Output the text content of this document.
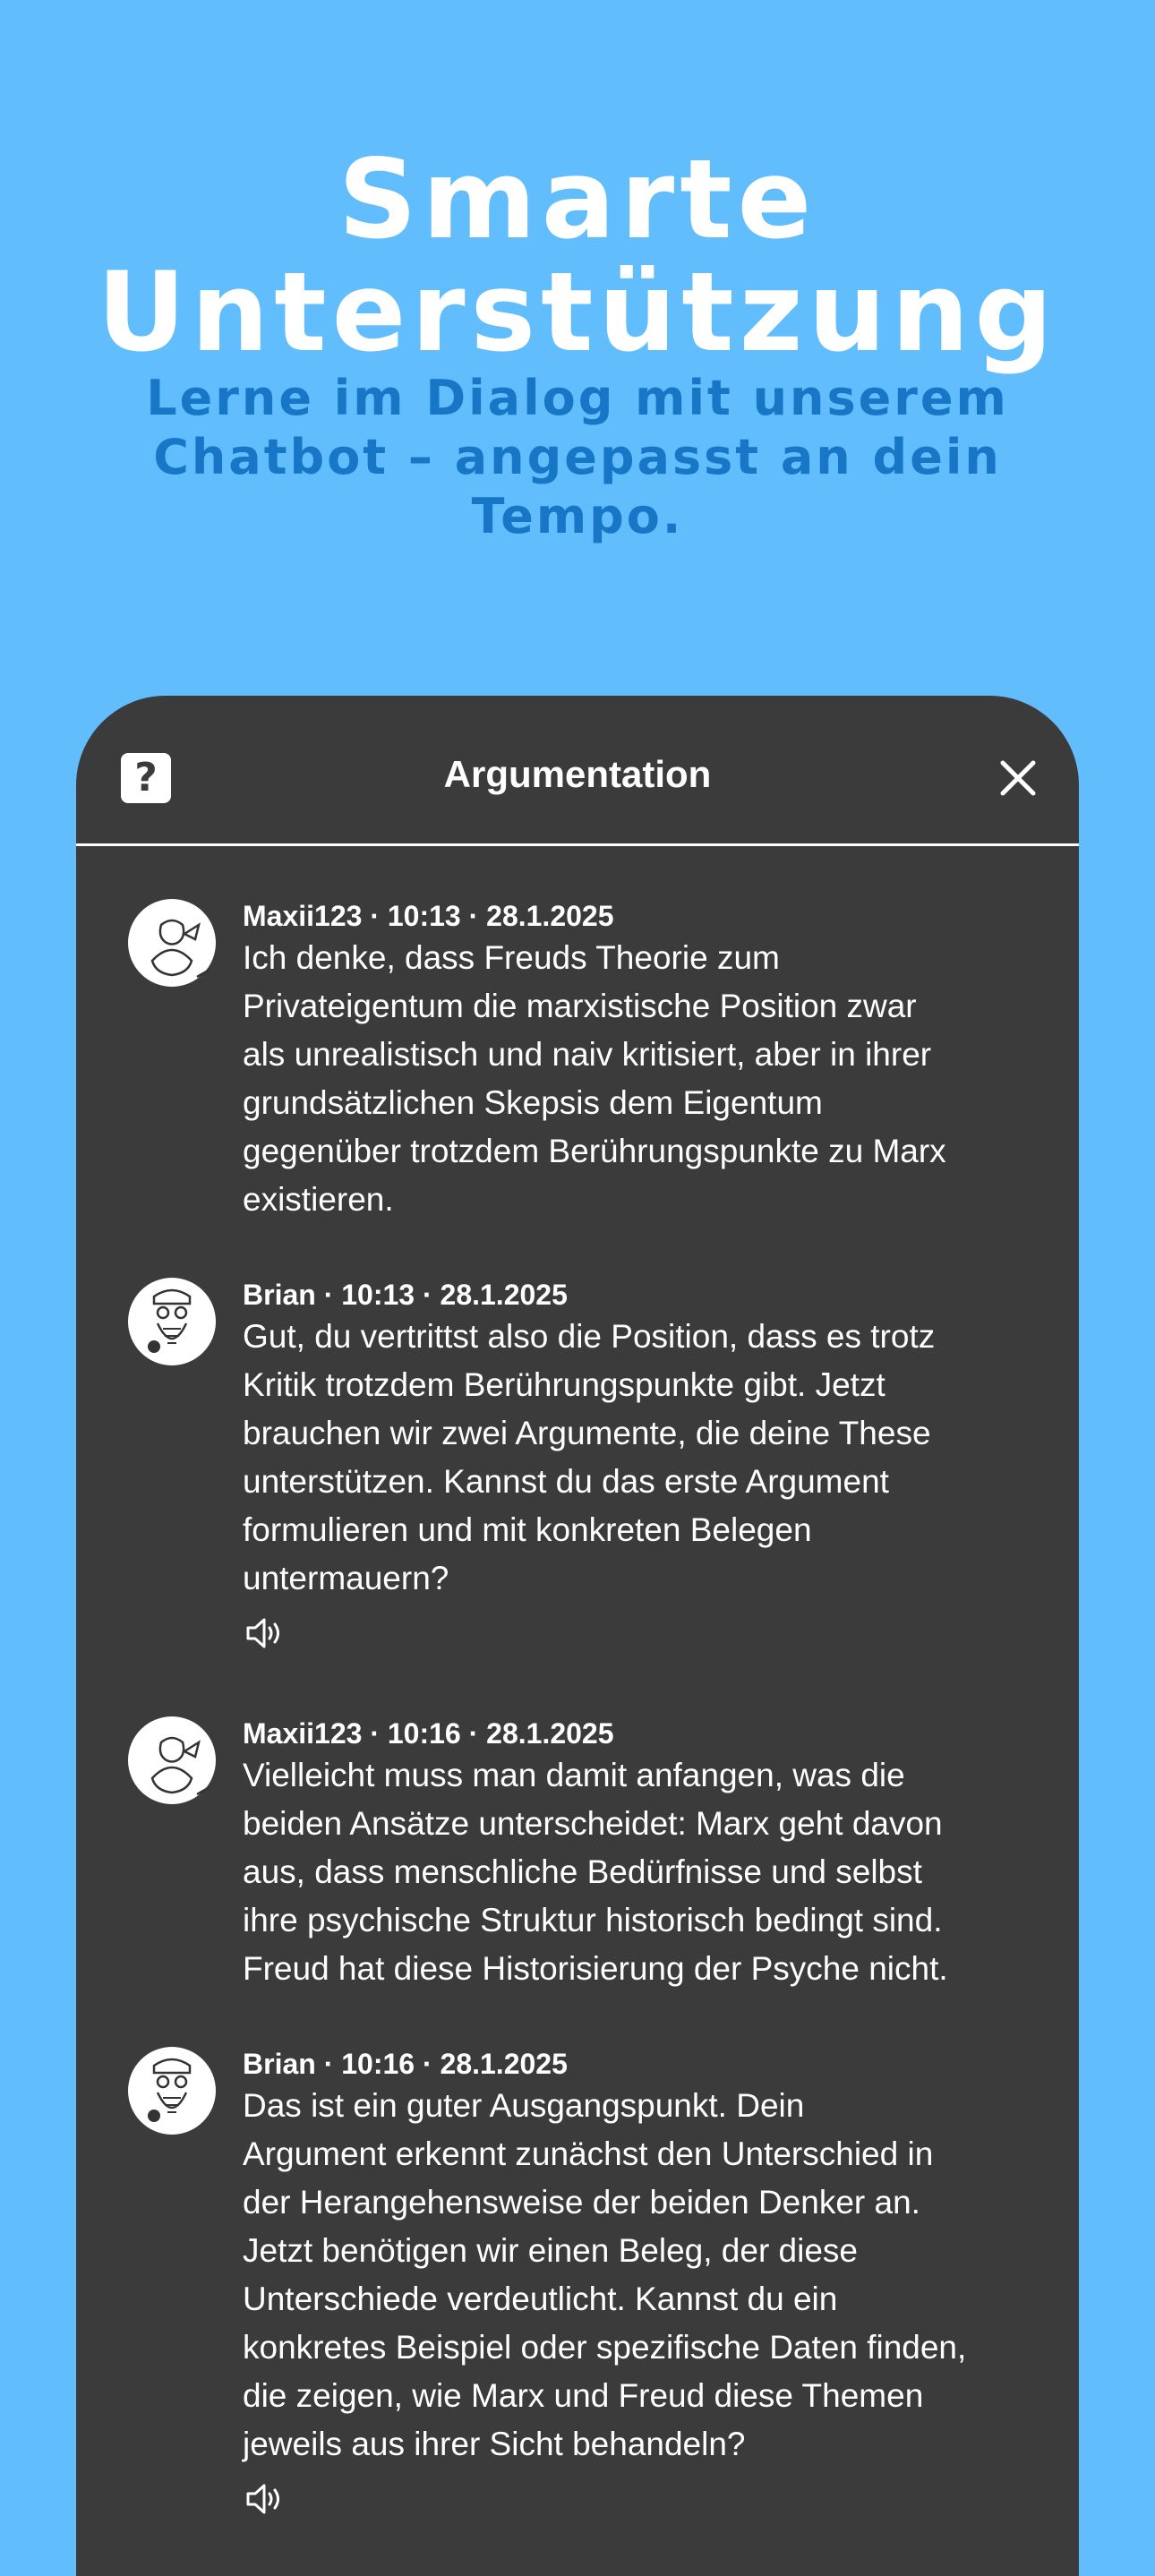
Smarte
Unterstützung

Lerne im Dialog mit unserem
Chatbot – angepasst an dein
Tempo.

?	Argumentation
Maxii123 · 10:13 · 28.1.2025
Ich denke, dass Freuds Theorie zum
Privateigentum die marxistische Position zwar
als unrealistisch und naiv kritisiert, aber in ihrer
grundsätzlichen Skepsis dem Eigentum
gegenüber trotzdem Berührungspunkte zu Marx
existieren.
Brian · 10:13 · 28.1.2025
Gut, du vertrittst also die Position, dass es trotz
Kritik trotzdem Berührungspunkte gibt. Jetzt
brauchen wir zwei Argumente, die deine These
unterstützen. Kannst du das erste Argument
formulieren und mit konkreten Belegen
untermauern?
Maxii123 · 10:16 · 28.1.2025
Vielleicht muss man damit anfangen, was die
beiden Ansätze unterscheidet: Marx geht davon
aus, dass menschliche Bedürfnisse und selbst
ihre psychische Struktur historisch bedingt sind.
Freud hat diese Historisierung der Psyche nicht.
Brian · 10:16 · 28.1.2025
Das ist ein guter Ausgangspunkt. Dein
Argument erkennt zunächst den Unterschied in
der Herangehensweise der beiden Denker an.
Jetzt benötigen wir einen Beleg, der diese
Unterschiede verdeutlicht. Kannst du ein
konkretes Beispiel oder spezifische Daten finden,
die zeigen, wie Marx und Freud diese Themen
jeweils aus ihrer Sicht behandeln?
